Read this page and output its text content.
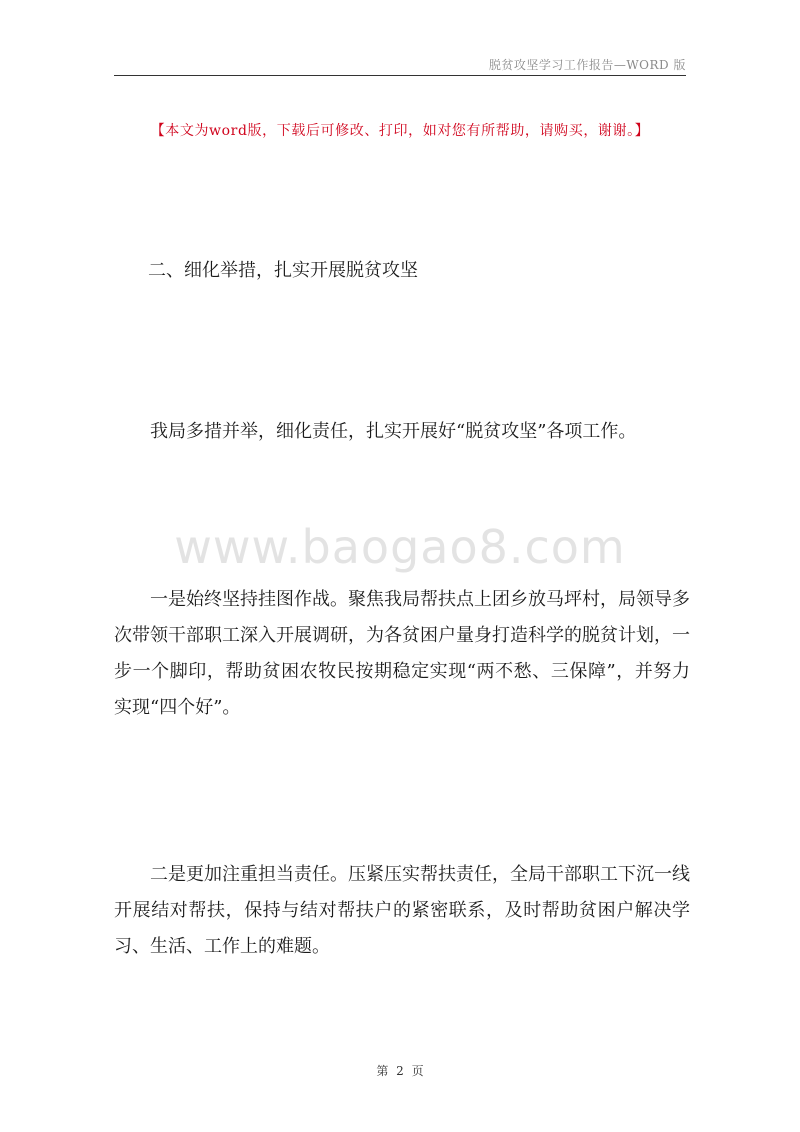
脱贫攻坚学习工作报告—WORD 版
【本文为word版，下载后可修改、打印，如对您有所帮助，请购买，谢谢。】
二、细化举措，扎实开展脱贫攻坚

我局多措并举，细化责任，扎实开展好“脱贫攻坚”各项工作。

www.baogao8.com

一是始终坚持挂图作战。聚焦我局帮扶点上团乡放马坪村，局领导多次带领干部职工深入开展调研，为各贫困户量身打造科学的脱贫计划，一步一个脚印，帮助贫困农牧民按期稳定实现“两不愁、三保障”，并努力实现“四个好”。

二是更加注重担当责任。压紧压实帮扶责任，全局干部职工下沉一线开展结对帮扶，保持与结对帮扶户的紧密联系，及时帮助贫困户解决学习、生活、工作上的难题。

第 2 页
